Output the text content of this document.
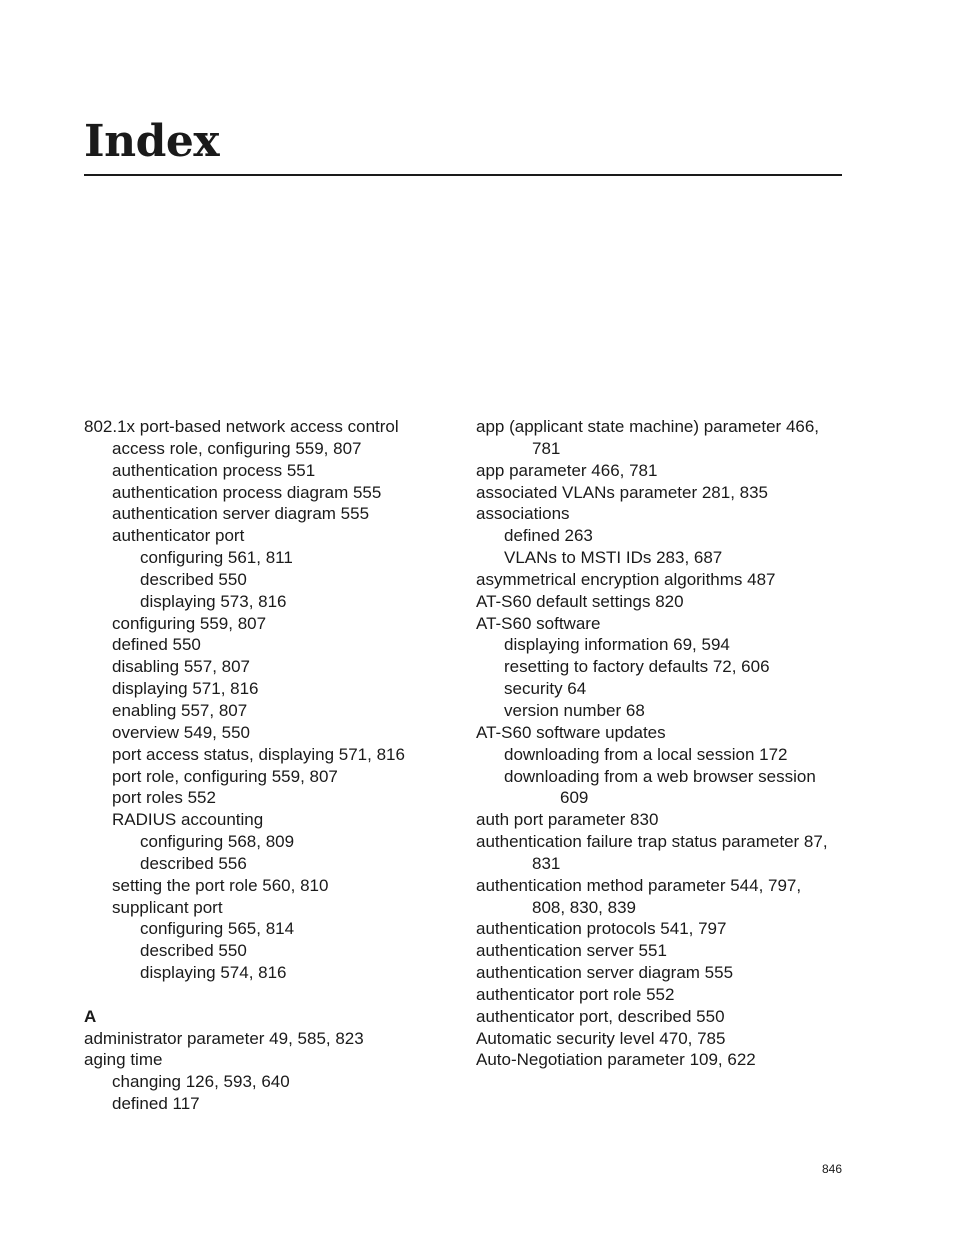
Index
802.1x port-based network access control
access role, configuring 559, 807
authentication process 551
authentication process diagram 555
authentication server diagram 555
authenticator port
configuring 561, 811
described 550
displaying 573, 816
configuring 559, 807
defined 550
disabling 557, 807
displaying 571, 816
enabling 557, 807
overview 549, 550
port access status, displaying 571, 816
port role, configuring 559, 807
port roles 552
RADIUS accounting
configuring 568, 809
described 556
setting the port role 560, 810
supplicant port
configuring 565, 814
described 550
displaying 574, 816
A
administrator parameter 49, 585, 823
aging time
changing 126, 593, 640
defined 117
app (applicant state machine) parameter 466,
781
app parameter 466, 781
associated VLANs parameter 281, 835
associations
defined 263
VLANs to MSTI IDs 283, 687
asymmetrical encryption algorithms 487
AT-S60 default settings 820
AT-S60 software
displaying information 69, 594
resetting to factory defaults 72, 606
security 64
version number 68
AT-S60 software updates
downloading from a local session 172
downloading from a web browser session
609
auth port parameter 830
authentication failure trap status parameter 87,
831
authentication method parameter 544, 797,
808, 830, 839
authentication protocols 541, 797
authentication server 551
authentication server diagram 555
authenticator port role 552
authenticator port, described 550
Automatic security level 470, 785
Auto-Negotiation parameter 109, 622
846
